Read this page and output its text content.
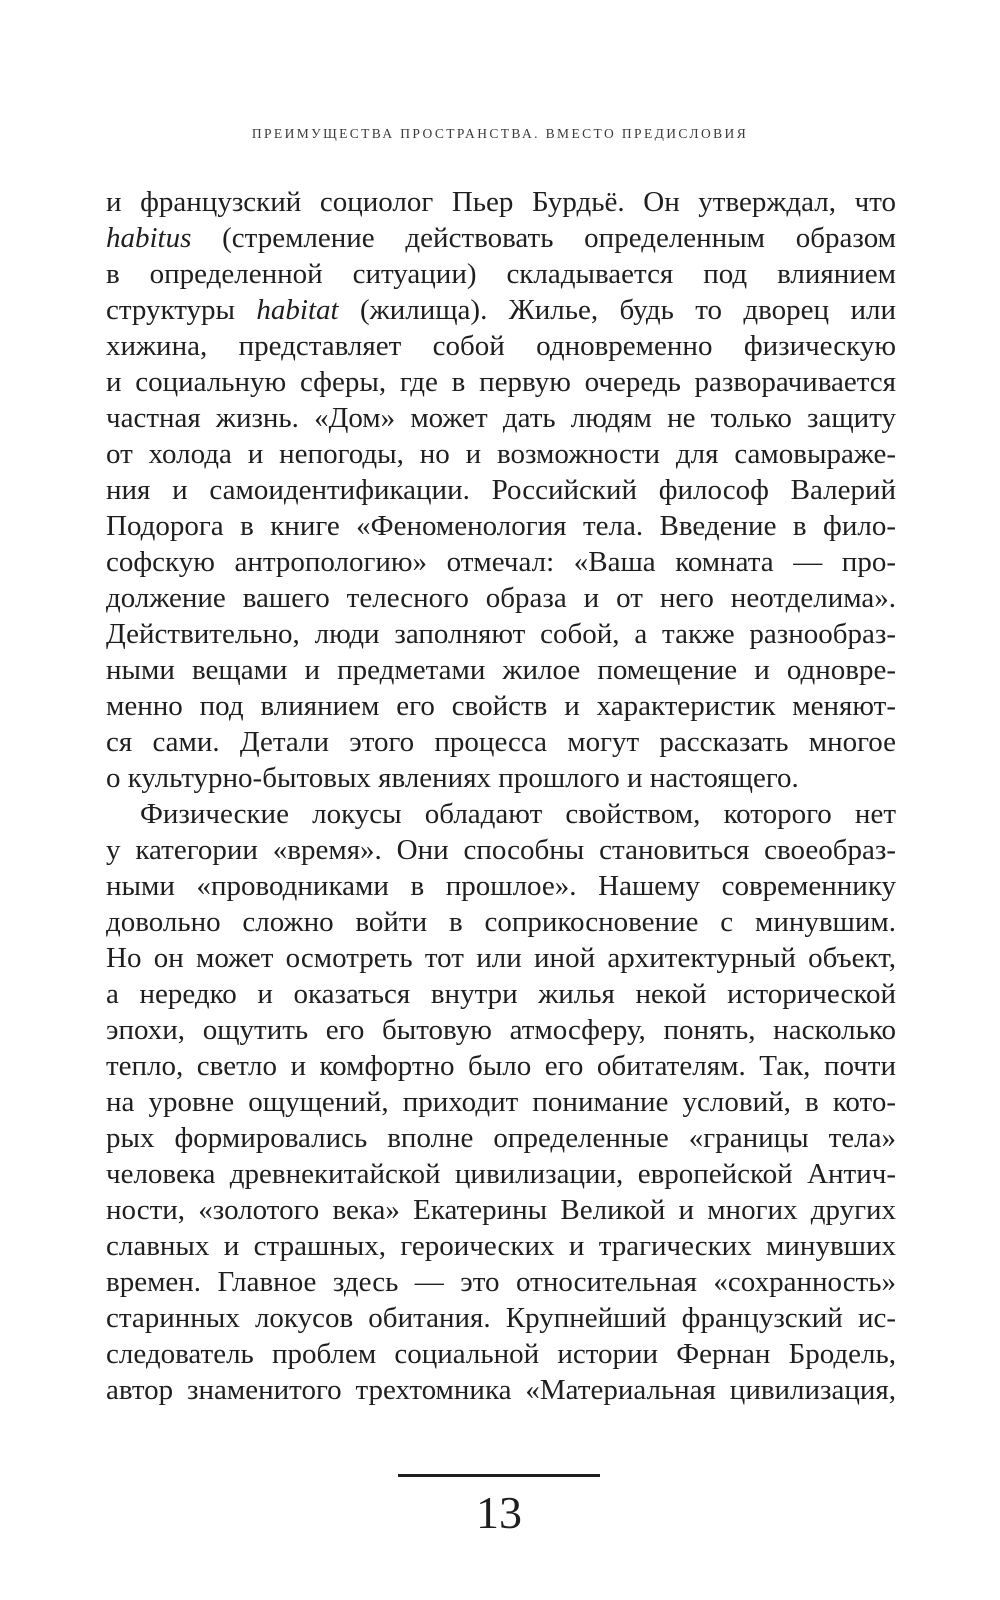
ПРЕИМУЩЕСТВА ПРОСТРАНСТВА. ВМЕСТО ПРЕДИСЛОВИЯ
и французский социолог Пьер Бурдьё. Он утверждал, что
habitus (стремление действовать определенным образом
в определенной ситуации) складывается под влиянием
структуры habitat (жилища). Жилье, будь то дворец или
хижина, представляет собой одновременно физическую
и социальную сферы, где в первую очередь разворачивается
частная жизнь. «Дом» может дать людям не только защиту
от холода и непогоды, но и возможности для самовыраже-
ния и самоидентификации. Российский философ Валерий
Подорога в книге «Феноменология тела. Введение в фило-
софскую антропологию» отмечал: «Ваша комната — про-
должение вашего телесного образа и от него неотделима».
Действительно, люди заполняют собой, а также разнообраз-
ными вещами и предметами жилое помещение и одновре-
менно под влиянием его свойств и характеристик меняют-
ся сами. Детали этого процесса могут рассказать многое
о культурно-бытовых явлениях прошлого и настоящего.
Физические локусы обладают свойством, которого нет
у категории «время». Они способны становиться своеобраз-
ными «проводниками в прошлое». Нашему современнику
довольно сложно войти в соприкосновение с минувшим.
Но он может осмотреть тот или иной архитектурный объект,
а нередко и оказаться внутри жилья некой исторической
эпохи, ощутить его бытовую атмосферу, понять, насколько
тепло, светло и комфортно было его обитателям. Так, почти
на уровне ощущений, приходит понимание условий, в кото-
рых формировались вполне определенные «границы тела»
человека древнекитайской цивилизации, европейской Антич-
ности, «золотого века» Екатерины Великой и многих других
славных и страшных, героических и трагических минувших
времен. Главное здесь — это относительная «сохранность»
старинных локусов обитания. Крупнейший французский ис-
следователь проблем социальной истории Фернан Бродель,
автор знаменитого трехтомника «Материальная цивилизация,
13
